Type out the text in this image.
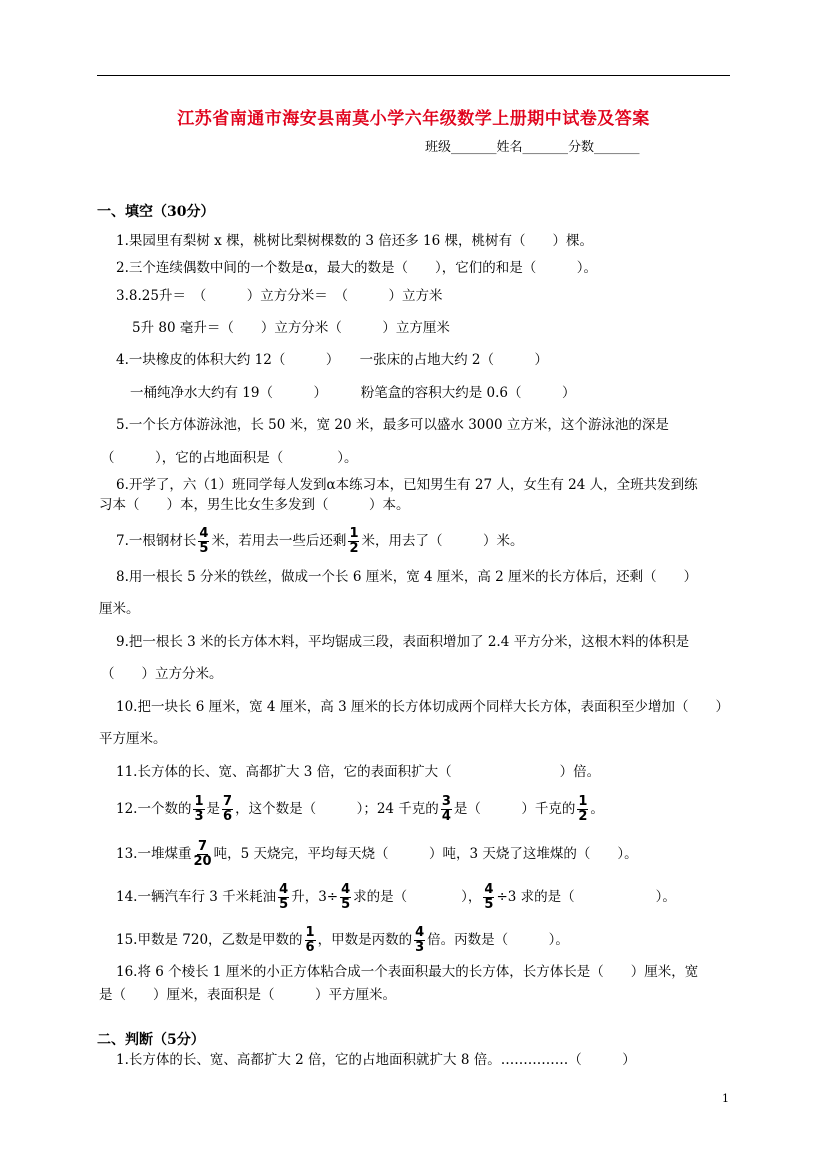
江苏省南通市海安县南莫小学六年级数学上册期中试卷及答案
班级_______姓名_______分数_______
一、填空（30分）
1.果园里有梨树 x 棵，桃树比梨树棵数的 3 倍还多 16 棵，桃树有（　　）棵。
2.三个连续偶数中间的一个数是α，最大的数是（　　），它们的和是（　　　）。
3.8.25升＝　（　　　）立方分米＝　（　　　）立方米
5升 80 毫升＝（　　）立方分米（　　　）立方厘米
4.一块橡皮的体积大约 12（　　　）　　一张床的占地大约 2（　　　）
一桶纯净水大约有 19（　　　）　　　粉笔盒的容积大约是 0.6（　　　）
5.一个长方体游泳池，长 50 米，宽 20 米，最多可以盛水 3000 立方米，这个游泳池的深是
（　　　），它的占地面积是（　　　　）。
6.开学了，六（1）班同学每人发到α本练习本，已知男生有 27 人，女生有 24 人，全班共发到练
习本（　　）本，男生比女生多发到（　　　）本。
7.一根钢材长 $\frac{4}{5}$ 米，若用去一些后还剩 $\frac{1}{2}$ 米，用去了（　　　）米。
8.用一根长 5 分米的铁丝，做成一个长 6 厘米，宽 4 厘米，高 2 厘米的长方体后，还剩（　　）
厘米。
9.把一根长 3 米的长方体木料，平均锯成三段，表面积增加了 2.4 平方分米，这根木料的体积是
（　　）立方分米。
10.把一块长 6 厘米，宽 4 厘米，高 3 厘米的长方体切成两个同样大长方体，表面积至少增加（　　）
平方厘米。
11.长方体的长、宽、高都扩大 3 倍，它的表面积扩大（　　　　　　　　）倍。
12.一个数的 $\frac{1}{3}$ 是 $\frac{7}{6}$ ，这个数是（　　　）；24 千克的 $\frac{3}{4}$ 是（　　　）千克的 $\frac{1}{2}$ 。
13.一堆煤重 $\frac{7}{20}$ 吨，5 天烧完，平均每天烧（　　　）吨，3 天烧了这堆煤的（　　）。
14.一辆汽车行 3 千米耗油 $\frac{4}{5}$ 升，$3\div \frac{4}{5}$ 求的是（　　　　）， $\frac{4}{5} \div 3$ 求的是（　　　　　　）。
15.甲数是 720，乙数是甲数的 $\frac{1}{6}$ ，甲数是丙数的 $\frac{4}{3}$ 倍。丙数是（　　　）。
16.将 6 个棱长 1 厘米的小正方体粘合成一个表面积最大的长方体，长方体长是（　　）厘米，宽
是（　　）厘米，表面积是（　　　）平方厘米。
二、判断（5分）
1.长方体的长、宽、高都扩大 2 倍，它的占地面积就扩大 8 倍。……………（　　　）
1
